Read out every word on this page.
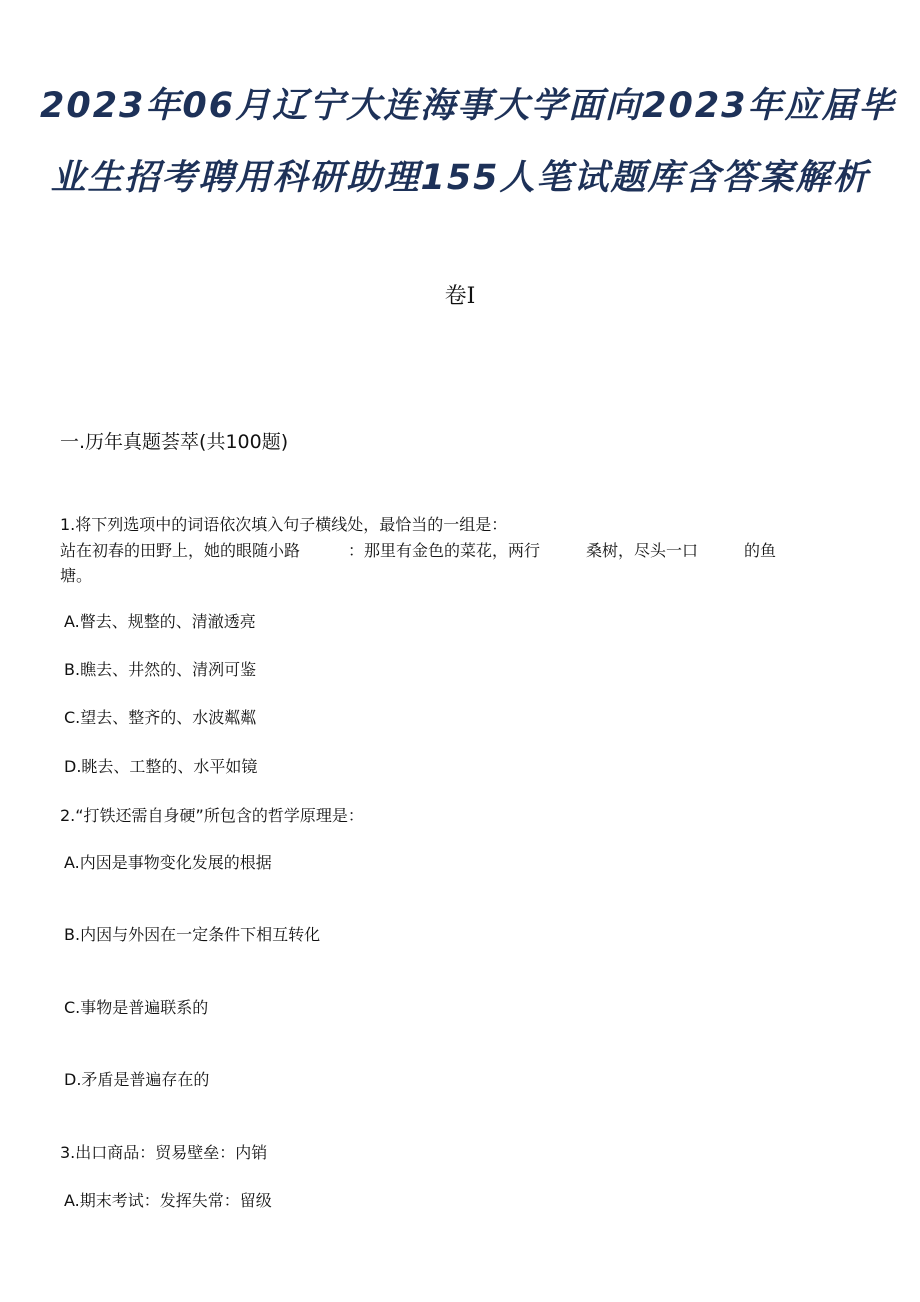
2023年06月辽宁大连海事大学面向2023年应届毕
业生招考聘用科研助理155人笔试题库含答案解析
卷I
一.历年真题荟萃(共100题)
1.将下列选项中的词语依次填入句子横线处，最恰当的一组是：
站在初春的田野上，她的眼随小路	：那里有金色的菜花，两行	桑树，尽头一口	的鱼
塘。
A.瞥去、规整的、清澈透亮
B.瞧去、井然的、清冽可鉴
C.望去、整齐的、水波粼粼
D.眺去、工整的、水平如镜
2.“打铁还需自身硬”所包含的哲学原理是：
A.内因是事物变化发展的根据
B.内因与外因在一定条件下相互转化
C.事物是普遍联系的
D.矛盾是普遍存在的
3.出口商品：贸易壁垒：内销
A.期末考试：发挥失常：留级
